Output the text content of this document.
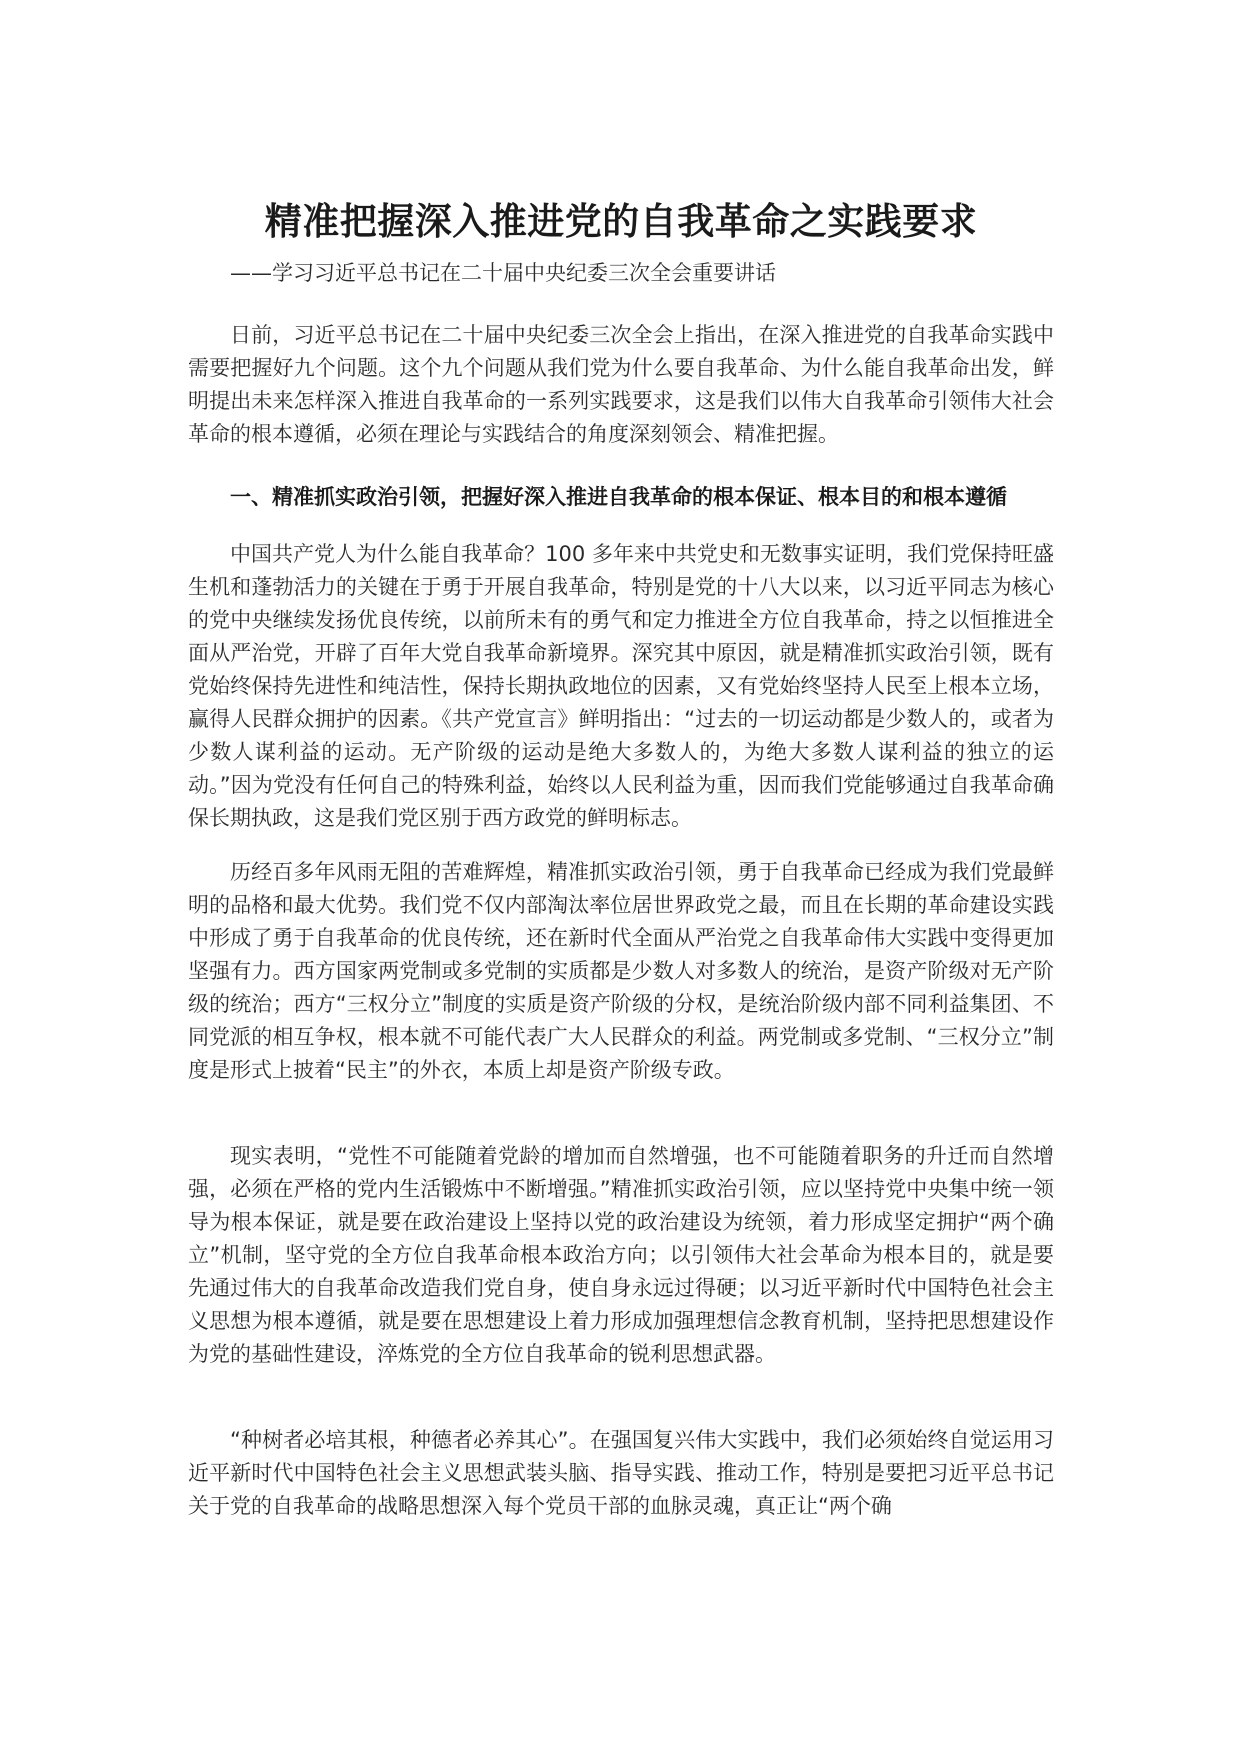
精准把握深入推进党的自我革命之实践要求
——学习习近平总书记在二十届中央纪委三次全会重要讲话

日前，习近平总书记在二十届中央纪委三次全会上指出，在深入推进党的自我革命实践中需要把握好九个问题。这个九个问题从我们党为什么要自我革命、为什么能自我革命出发，鲜明提出未来怎样深入推进自我革命的一系列实践要求，这是我们以伟大自我革命引领伟大社会革命的根本遵循，必须在理论与实践结合的角度深刻领会、精准把握。

一、精准抓实政治引领，把握好深入推进自我革命的根本保证、根本目的和根本遵循

中国共产党人为什么能自我革命？100 多年来中共党史和无数事实证明，我们党保持旺盛生机和蓬勃活力的关键在于勇于开展自我革命，特别是党的十八大以来，以习近平同志为核心的党中央继续发扬优良传统，以前所未有的勇气和定力推进全方位自我革命，持之以恒推进全面从严治党，开辟了百年大党自我革命新境界。深究其中原因，就是精准抓实政治引领，既有党始终保持先进性和纯洁性，保持长期执政地位的因素，又有党始终坚持人民至上根本立场，赢得人民群众拥护的因素。《共产党宣言》鲜明指出：“过去的一切运动都是少数人的，或者为少数人谋利益的运动。无产阶级的运动是绝大多数人的，为绝大多数人谋利益的独立的运动。”因为党没有任何自己的特殊利益，始终以人民利益为重，因而我们党能够通过自我革命确保长期执政，这是我们党区别于西方政党的鲜明标志。

历经百多年风雨无阻的苦难辉煌，精准抓实政治引领，勇于自我革命已经成为我们党最鲜明的品格和最大优势。我们党不仅内部淘汰率位居世界政党之最，而且在长期的革命建设实践中形成了勇于自我革命的优良传统，还在新时代全面从严治党之自我革命伟大实践中变得更加坚强有力。西方国家两党制或多党制的实质都是少数人对多数人的统治，是资产阶级对无产阶级的统治；西方“三权分立”制度的实质是资产阶级的分权，是统治阶级内部不同利益集团、不同党派的相互争权，根本就不可能代表广大人民群众的利益。两党制或多党制、“三权分立”制度是形式上披着“民主”的外衣，本质上却是资产阶级专政。

现实表明，“党性不可能随着党龄的增加而自然增强，也不可能随着职务的升迁而自然增强，必须在严格的党内生活锻炼中不断增强。”精准抓实政治引领，应以坚持党中央集中统一领导为根本保证，就是要在政治建设上坚持以党的政治建设为统领，着力形成坚定拥护“两个确立”机制，坚守党的全方位自我革命根本政治方向；以引领伟大社会革命为根本目的，就是要先通过伟大的自我革命改造我们党自身，使自身永远过得硬；以习近平新时代中国特色社会主义思想为根本遵循，就是要在思想建设上着力形成加强理想信念教育机制，坚持把思想建设作为党的基础性建设，淬炼党的全方位自我革命的锐利思想武器。

“种树者必培其根，种德者必养其心”。在强国复兴伟大实践中，我们必须始终自觉运用习近平新时代中国特色社会主义思想武装头脑、指导实践、推动工作，特别是要把习近平总书记关于党的自我革命的战略思想深入每个党员干部的血脉灵魂，真正让“两个确
